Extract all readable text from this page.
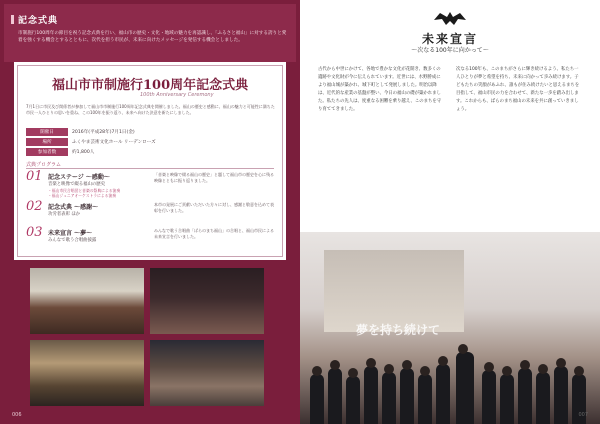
記念式典
市制施行100周年の節目を祝う記念式典を行い、福山市の歴史・文化・地域の魅力を再認識し、「ふるさと福山」に対する誇りと愛着を強くする機会とするとともに、次代を担う市民が、未来に向けたメッセージを発信する機会としました。
福山市市制施行100周年記念式典
100th Anniversary Ceremony
7月1日に市民及び関係者が参加して福山市市制施行100周年記念式典を開催しました。福山の歴史と感動に、福山の魅力と可能性に満ちた市民一人ひとりの思いを重ね、この100年を振り返り、未来へ向けた決意を新たにしました。
開催日	2016年(平成28年)7月1日(金)
場所	ふくやま芸術文化ホール リーデンローズ
参加者数	約1,800人
式典プログラム
01 記念ステージ ～感動～
音楽と映像で綴る福山の歴史
・福山市民合唱団と音楽の祭典による演奏
・福山ジュニアオーケストラによる演奏
「音楽と映像で綴る福山の歴史」と題して福山市の歴史を心に残る映像とともに振り返りました。
02 記念式典 ～感謝～
功労者表彰 ほか
本市の発展にご貢献いただいた方々に対し、感謝と敬意を込めて表彰を行いました。
03 未来宣言 ～夢～
みんなで歌う合唱曲披露
みんなで歌う合唱曲「ばらのまち福山」の合唱と、福山市民による未来宣言を行いました。
006
未来宣言
～次なる100年に向かって～
古代から中世にかけて、各地で豊かな文化が花開き、数多くの遺跡や文化財が今に伝えられています。近世には、水野勝成により福山城が築かれ、城下町として発展しました。明治以降は、近代的な産業の基盤が整い、今日の福山の礎が築かれました。私たちの先人は、度重なる困難を乗り越え、このまちを守り育ててきました。
次なる100年も、このまちがさらに輝き続けるよう、私たち一人ひとりが夢と希望を持ち、未来に向かって歩み続けます。子どもたちの笑顔があふれ、誰もが住み続けたいと思えるまちを目指して、福山市民の力を合わせて、新たな一歩を踏み出します。これからも、ばらのまち福山の未来を共に創っていきましょう。
夢を持ち続けて
007
